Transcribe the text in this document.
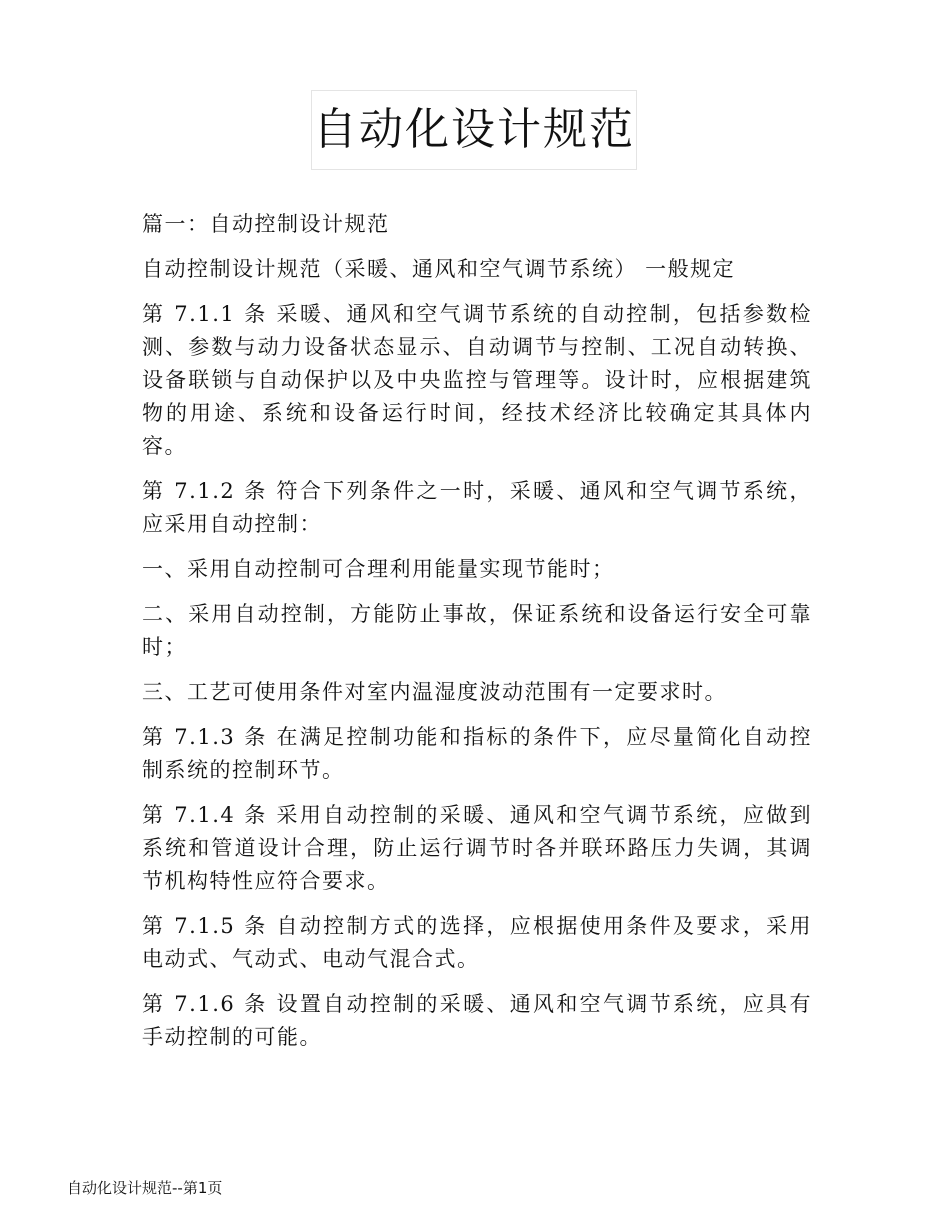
自动化设计规范

篇一：自动控制设计规范

自动控制设计规范（采暖、通风和空气调节系统） 一般规定

第 7.1.1 条 采暖、通风和空气调节系统的自动控制，包括参数检测、参数与动力设备状态显示、自动调节与控制、工况自动转换、设备联锁与自动保护以及中央监控与管理等。设计时，应根据建筑物的用途、系统和设备运行时间，经技术经济比较确定其具体内容。

第 7.1.2 条 符合下列条件之一时，采暖、通风和空气调节系统，应采用自动控制：

一、采用自动控制可合理利用能量实现节能时；

二、采用自动控制，方能防止事故，保证系统和设备运行安全可靠时；

三、工艺可使用条件对室内温湿度波动范围有一定要求时。

第 7.1.3 条 在满足控制功能和指标的条件下，应尽量简化自动控制系统的控制环节。

第 7.1.4 条 采用自动控制的采暖、通风和空气调节系统，应做到系统和管道设计合理，防止运行调节时各并联环路压力失调，其调节机构特性应符合要求。

第 7.1.5 条 自动控制方式的选择，应根据使用条件及要求，采用电动式、气动式、电动气混合式。

第 7.1.6 条 设置自动控制的采暖、通风和空气调节系统，应具有手动控制的可能。

自动化设计规范--第1页
